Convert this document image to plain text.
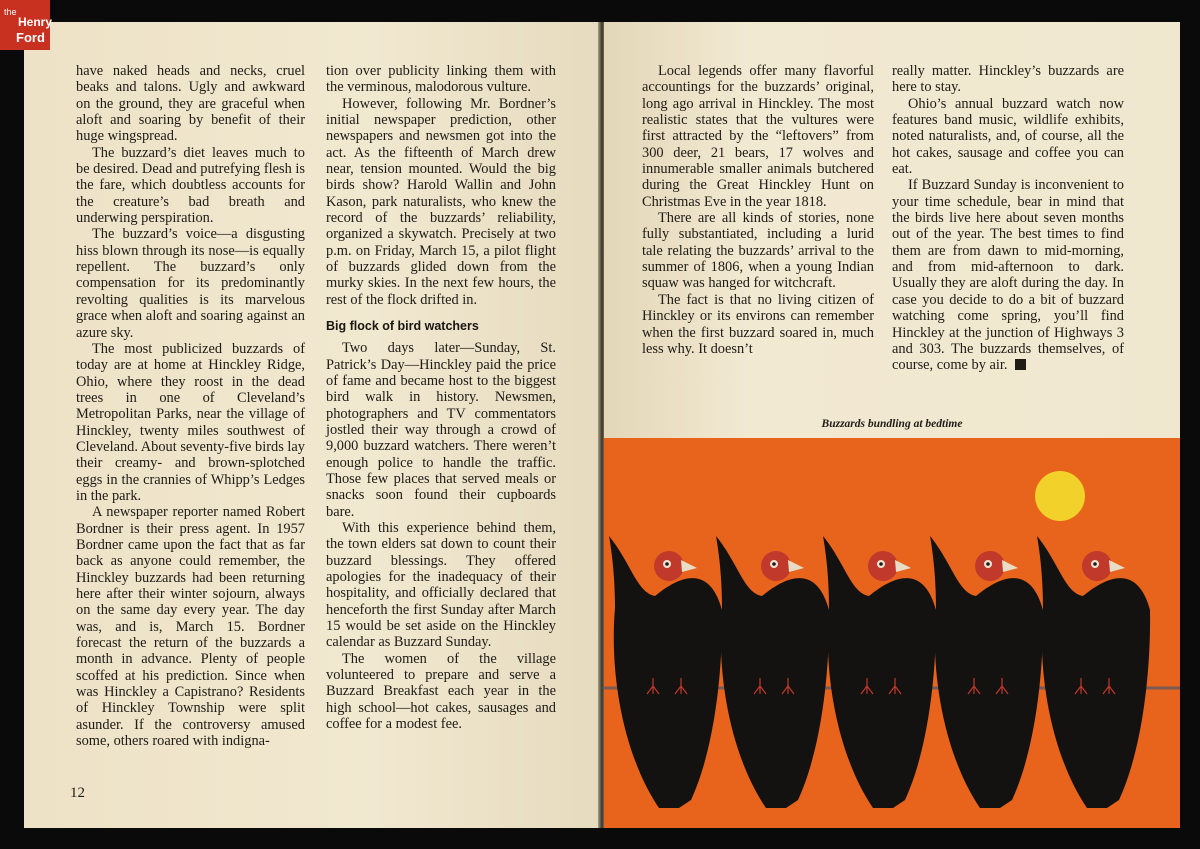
have naked heads and necks, cruel beaks and talons. Ugly and awkward on the ground, they are graceful when aloft and soaring by benefit of their huge wingspread.

The buzzard’s diet leaves much to be desired. Dead and putrefying flesh is the fare, which doubtless accounts for the creature’s bad breath and underwing perspiration.

The buzzard’s voice—a disgusting hiss blown through its nose—is equally repellent. The buzzard’s only compensation for its predominantly revolting qualities is its marvelous grace when aloft and soaring against an azure sky.

The most publicized buzzards of today are at home at Hinckley Ridge, Ohio, where they roost in the dead trees in one of Cleveland’s Metropolitan Parks, near the village of Hinckley, twenty miles southwest of Cleveland. About seventy-five birds lay their creamy- and brown-splotched eggs in the crannies of Whipp’s Ledges in the park.

A newspaper reporter named Robert Bordner is their press agent. In 1957 Bordner came upon the fact that as far back as anyone could remember, the Hinckley buzzards had been returning here after their winter sojourn, always on the same day every year. The day was, and is, March 15. Bordner forecast the return of the buzzards a month in advance. Plenty of people scoffed at his prediction. Since when was Hinckley a Capistrano? Residents of Hinckley Township were split asunder. If the controversy amused some, others roared with indigna-

tion over publicity linking them with the verminous, malodorous vulture.

However, following Mr. Bordner’s initial newspaper prediction, other newspapers and newsmen got into the act. As the fifteenth of March drew near, tension mounted. Would the big birds show? Harold Wallin and John Kason, park naturalists, who knew the record of the buzzards’ reliability, organized a skywatch. Precisely at two p.m. on Friday, March 15, a pilot flight of buzzards glided down from the murky skies. In the next few hours, the rest of the flock drifted in.

Big flock of bird watchers

Two days later—Sunday, St. Patrick’s Day—Hinckley paid the price of fame and became host to the biggest bird walk in history. Newsmen, photographers and TV commentators jostled their way through a crowd of 9,000 buzzard watchers. There weren’t enough police to handle the traffic. Those few places that served meals or snacks soon found their cupboards bare.

With this experience behind them, the town elders sat down to count their buzzard blessings. They offered apologies for the inadequacy of their hospitality, and officially declared that henceforth the first Sunday after March 15 would be set aside on the Hinckley calendar as Buzzard Sunday.

The women of the village volunteered to prepare and serve a Buzzard Breakfast each year in the high school—hot cakes, sausages and coffee for a modest fee.

12

Local legends offer many flavorful accountings for the buzzards’ original, long ago arrival in Hinckley. The most realistic states that the vultures were first attracted by the “leftovers” from 300 deer, 21 bears, 17 wolves and innumerable smaller animals butchered during the Great Hinckley Hunt on Christmas Eve in the year 1818.

There are all kinds of stories, none fully substantiated, including a lurid tale relating the buzzards’ arrival to the summer of 1806, when a young Indian squaw was hanged for witchcraft.

The fact is that no living citizen of Hinckley or its environs can remember when the first buzzard soared in, much less why. It doesn’t

really matter. Hinckley’s buzzards are here to stay.

Ohio’s annual buzzard watch now features band music, wildlife exhibits, noted naturalists, and, of course, all the hot cakes, sausage and coffee you can eat.

If Buzzard Sunday is inconvenient to your time schedule, bear in mind that the birds live here about seven months out of the year. The best times to find them are from dawn to mid-morning, and from mid-afternoon to dark. Usually they are aloft during the day. In case you decide to do a bit of buzzard watching come spring, you’ll find Hinckley at the junction of Highways 3 and 303. The buzzards themselves, of course, come by air.

Buzzards bundling at bedtime
the
Henry
Ford
